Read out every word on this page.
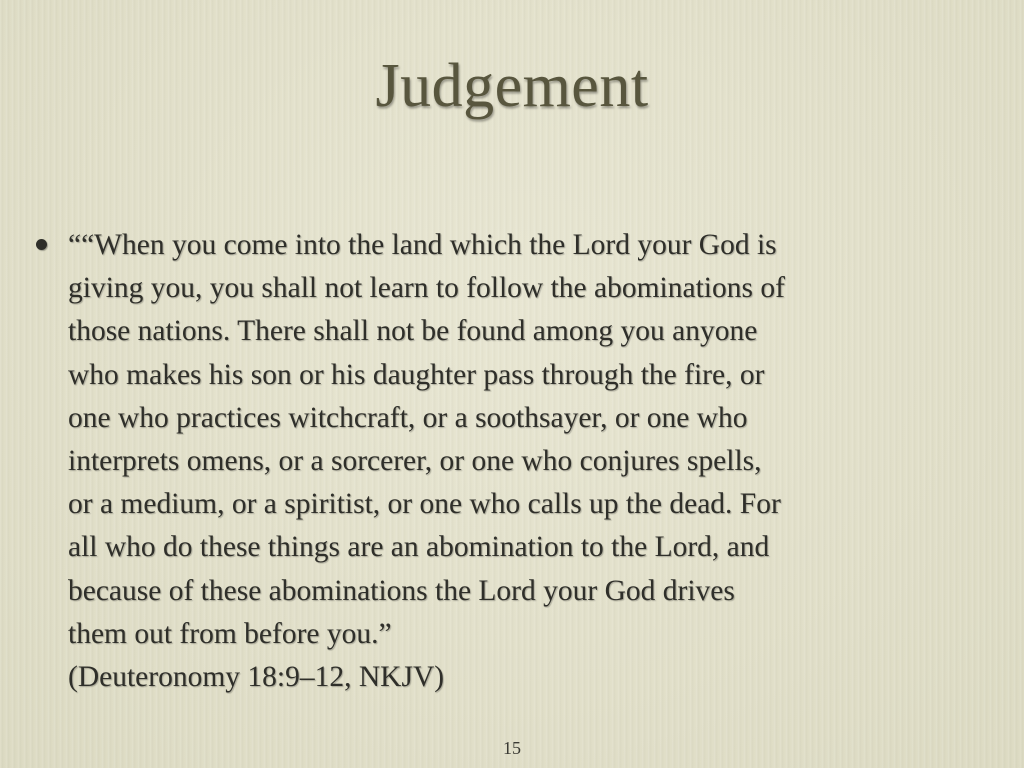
Judgement
““When you come into the land which the Lord your God is
giving you, you shall not learn to follow the abominations of
those nations. There shall not be found among you anyone
who makes his son or his daughter pass through the fire, or
one who practices witchcraft, or a soothsayer, or one who
interprets omens, or a sorcerer, or one who conjures spells,
or a medium, or a spiritist, or one who calls up the dead. For
all who do these things are an abomination to the Lord, and
because of these abominations the Lord your God drives
them out from before you.”
(Deuteronomy 18:9–12, NKJV)
15
